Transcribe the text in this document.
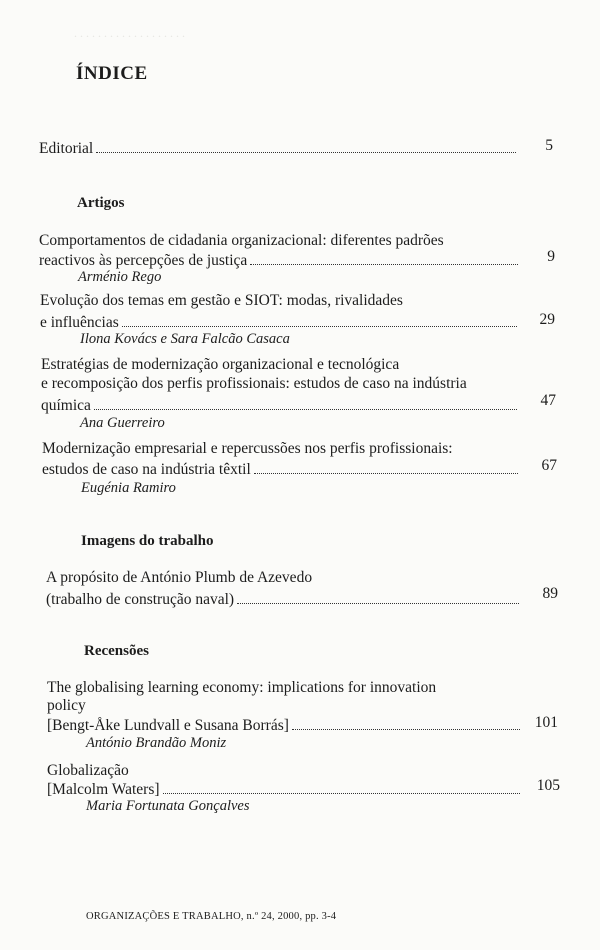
. . . . . . . . . . . . . . . . . . .
ÍNDICE
Editorial	5
Artigos
Comportamentos de cidadania organizacional: diferentes padrões
reactivos às percepções de justiça	9
Arménio Rego
Evolução dos temas em gestão e SIOT: modas, rivalidades
e influências	29
Ilona Kovács e Sara Falcão Casaca
Estratégias de modernização organizacional e tecnológica
e recomposição dos perfis profissionais: estudos de caso na indústria
química	47
Ana Guerreiro
Modernização empresarial e repercussões nos perfis profissionais:
estudos de caso na indústria têxtil	67
Eugénia Ramiro
Imagens do trabalho
A propósito de António Plumb de Azevedo
(trabalho de construção naval)	89
Recensões
The globalising learning economy: implications for innovation
policy
[Bengt-Åke Lundvall e Susana Borrás]	101
António Brandão Moniz
Globalização
[Malcolm Waters]	105
Maria Fortunata Gonçalves
ORGANIZAÇÕES E TRABALHO, n.º 24, 2000, pp. 3-4
